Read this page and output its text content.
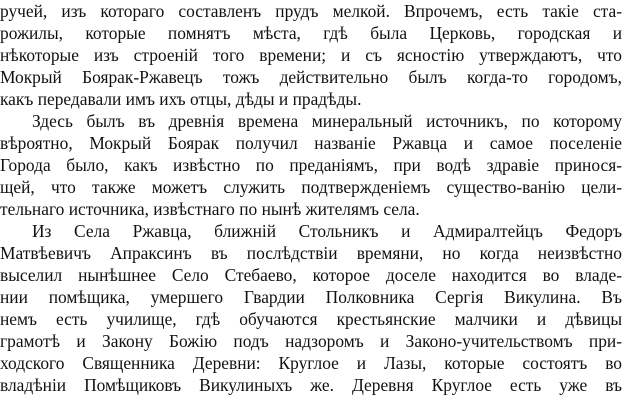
ручей, изъ котораго составленъ прудъ мелкой. Впрочемъ, есть такіе ста-
рожилы, которые помнятъ мѣста, гдѣ была Церковь, городская и
нѣкоторые изъ строеній того времени; и съ ясностію утверждаютъ, что
Мокрый Боярак-Ржавецъ тожъ действительно былъ когда-то городомъ,
какъ передавали имъ ихъ отцы, дѣды и прадѣды.
Здесь былъ въ древнія времена минеральный источникъ, по которому
вѣроятно, Мокрый Боярак получил названіе Ржавца и самое поселеніе
Города было, какъ извѣстно по преданіямъ, при водѣ здравіе принося-
щей, что также можетъ служить подтвержденіемъ существо-ванію цели-
тельнаго источника, извѣстнаго по нынѣ жителямъ села.
Из Села Ржавца, ближній Стольникъ и Адмиралтейцъ Федоръ
Матвѣевичъ Апраксинъ въ послѣдствіи времяни, но когда неизвѣстно
выселил нынѣшнее Село Стебаево, которое доселе находится во владе-
нии помѣщика, умершего Гвардии Полковника Сергія Викулина. Въ
немъ есть училище, гдѣ обучаются крестьянские малчики и дѣвицы
грамотѣ и Закону Божію подъ надзоромъ и Законо-учительствомъ при-
ходского Священника Деревни: Круглое и Лазы, которые состоятъ во
владѣніи Помѣщиковъ Викулиныхъ же. Деревня Круглое есть уже въ
